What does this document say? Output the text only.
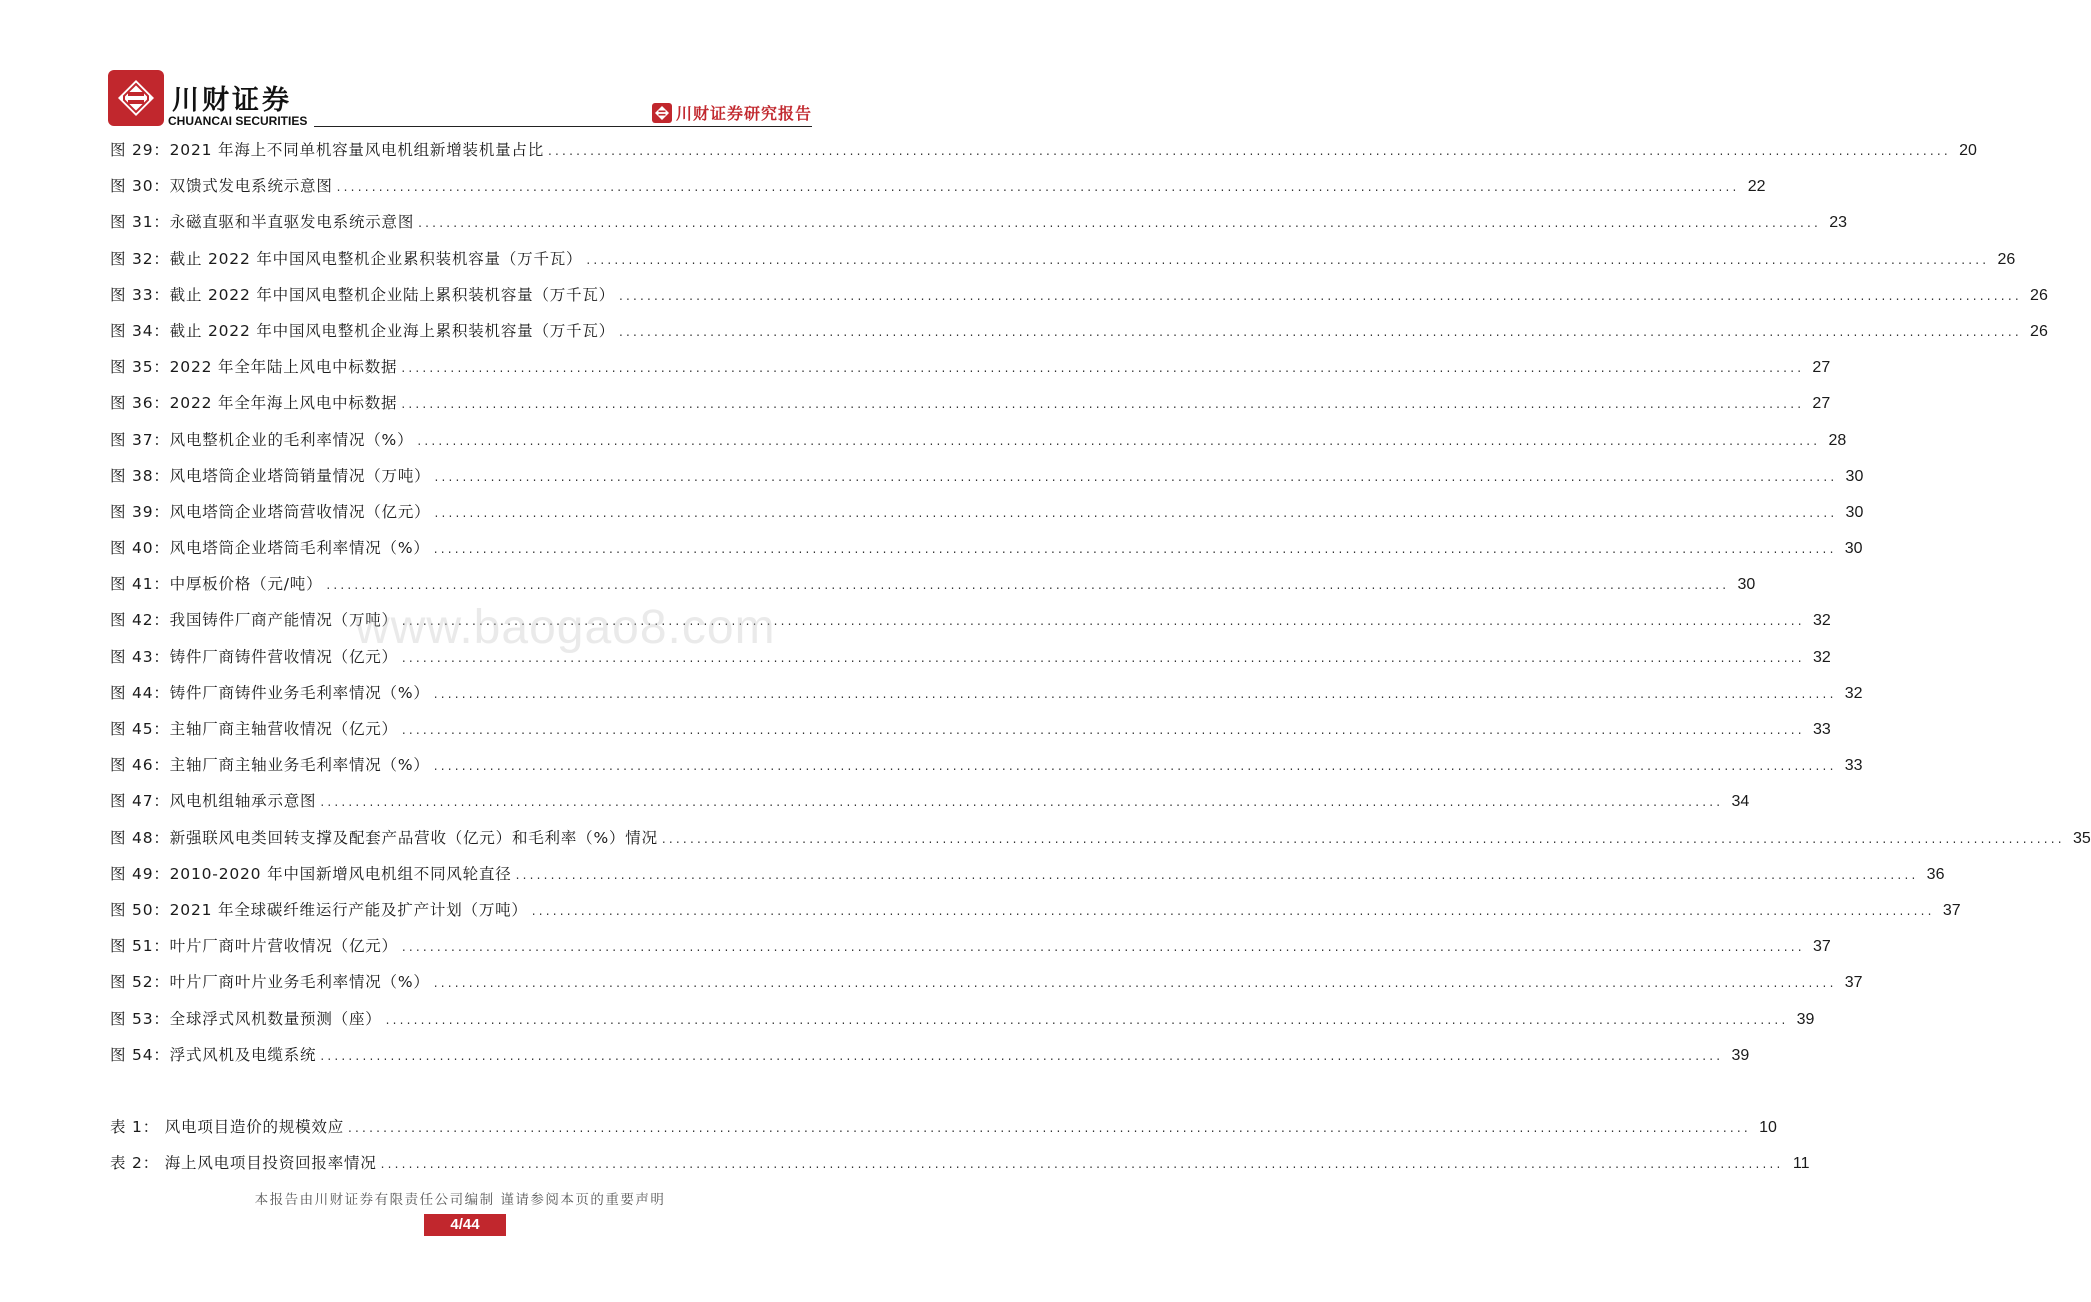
川财证券
CHUANCAI SECURITIES	川财证券研究报告
图 29：2021 年海上不同单机容量风电机组新增装机量占比 ........................................................................................................................................................................................................ 20
图 30：双馈式发电系统示意图 ........................................................................................................................................................................................................ 22
图 31：永磁直驱和半直驱发电系统示意图 ........................................................................................................................................................................................................ 23
图 32：截止 2022 年中国风电整机企业累积装机容量（万千瓦） ........................................................................................................................................................................................................ 26
图 33：截止 2022 年中国风电整机企业陆上累积装机容量（万千瓦） ........................................................................................................................................................................................................ 26
图 34：截止 2022 年中国风电整机企业海上累积装机容量（万千瓦） ........................................................................................................................................................................................................ 26
图 35：2022 年全年陆上风电中标数据 ........................................................................................................................................................................................................ 27
图 36：2022 年全年海上风电中标数据 ........................................................................................................................................................................................................ 27
图 37：风电整机企业的毛利率情况（%） ........................................................................................................................................................................................................ 28
图 38：风电塔筒企业塔筒销量情况（万吨） ........................................................................................................................................................................................................ 30
图 39：风电塔筒企业塔筒营收情况（亿元） ........................................................................................................................................................................................................ 30
图 40：风电塔筒企业塔筒毛利率情况（%） ........................................................................................................................................................................................................ 30
图 41：中厚板价格（元/吨） ........................................................................................................................................................................................................ 30
图 42：我国铸件厂商产能情况（万吨） ........................................................................................................................................................................................................ 32
图 43：铸件厂商铸件营收情况（亿元） ........................................................................................................................................................................................................ 32
图 44：铸件厂商铸件业务毛利率情况（%） ........................................................................................................................................................................................................ 32
图 45：主轴厂商主轴营收情况（亿元） ........................................................................................................................................................................................................ 33
图 46：主轴厂商主轴业务毛利率情况（%） ........................................................................................................................................................................................................ 33
图 47：风电机组轴承示意图 ........................................................................................................................................................................................................ 34
图 48：新强联风电类回转支撑及配套产品营收（亿元）和毛利率（%）情况 ........................................................................................................................................................................................................ 35
图 49：2010-2020 年中国新增风电机组不同风轮直径 ........................................................................................................................................................................................................ 36
图 50：2021 年全球碳纤维运行产能及扩产计划（万吨） ........................................................................................................................................................................................................ 37
图 51：叶片厂商叶片营收情况（亿元） ........................................................................................................................................................................................................ 37
图 52：叶片厂商叶片业务毛利率情况（%） ........................................................................................................................................................................................................ 37
图 53：全球浮式风机数量预测（座） ........................................................................................................................................................................................................ 39
图 54：浮式风机及电缆系统 ........................................................................................................................................................................................................ 39
表 1： 风电项目造价的规模效应 ........................................................................................................................................................................................................ 10
表 2： 海上风电项目投资回报率情况 ........................................................................................................................................................................................................ 11
www.baogao8.com
本报告由川财证券有限责任公司编制 谨请参阅本页的重要声明
4/44
